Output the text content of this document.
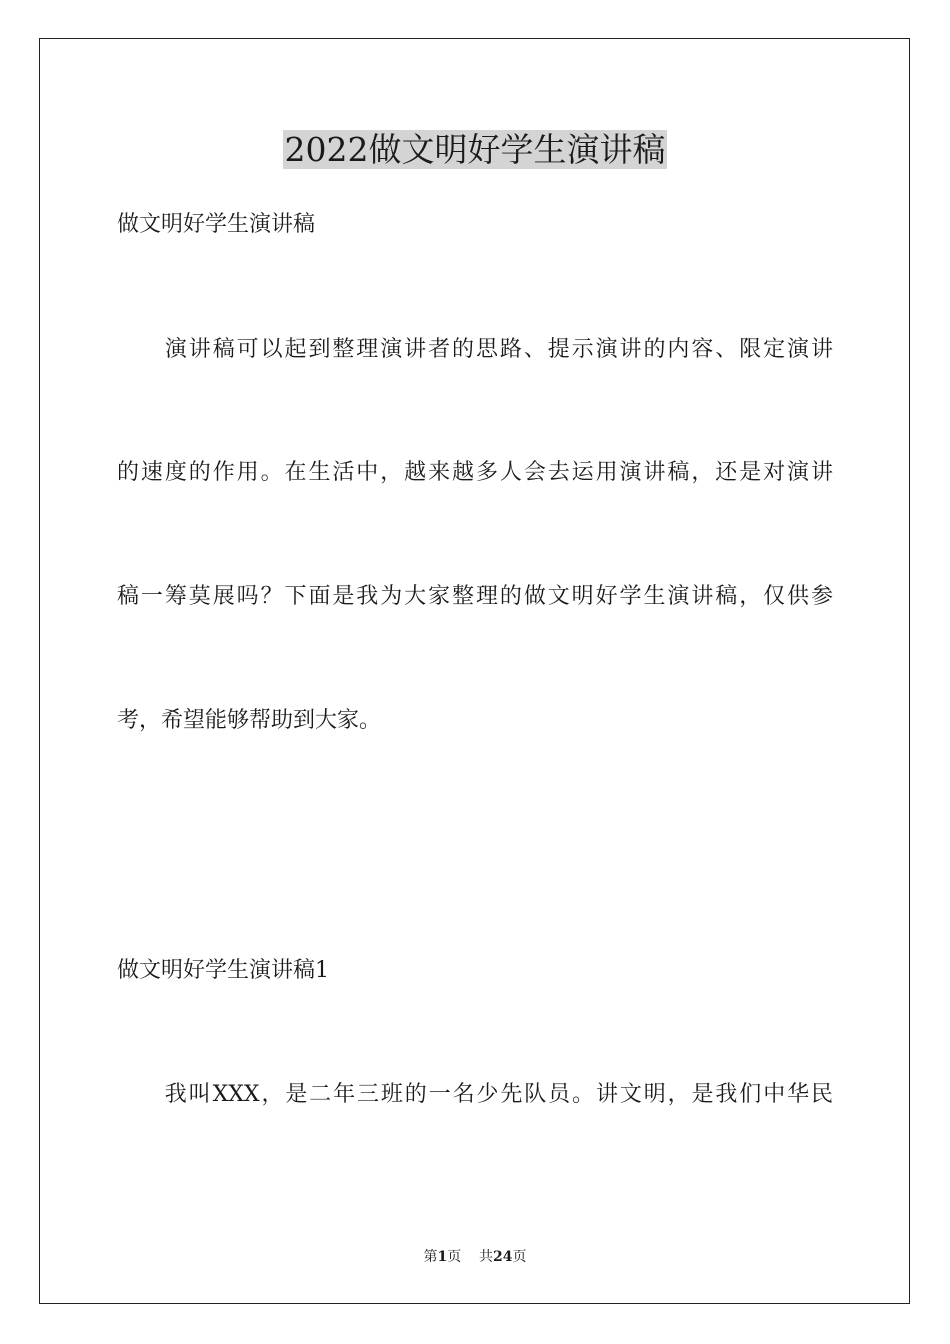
2022做文明好学生演讲稿
做文明好学生演讲稿
　　演讲稿可以起到整理演讲者的思路、提示演讲的内容、限定演讲
的速度的作用。在生活中，越来越多人会去运用演讲稿，还是对演讲
稿一筹莫展吗？下面是我为大家整理的做文明好学生演讲稿，仅供参
考，希望能够帮助到大家。
做文明好学生演讲稿1
　　我叫XXX，是二年三班的一名少先队员。讲文明，是我们中华民
第1页 共24页
